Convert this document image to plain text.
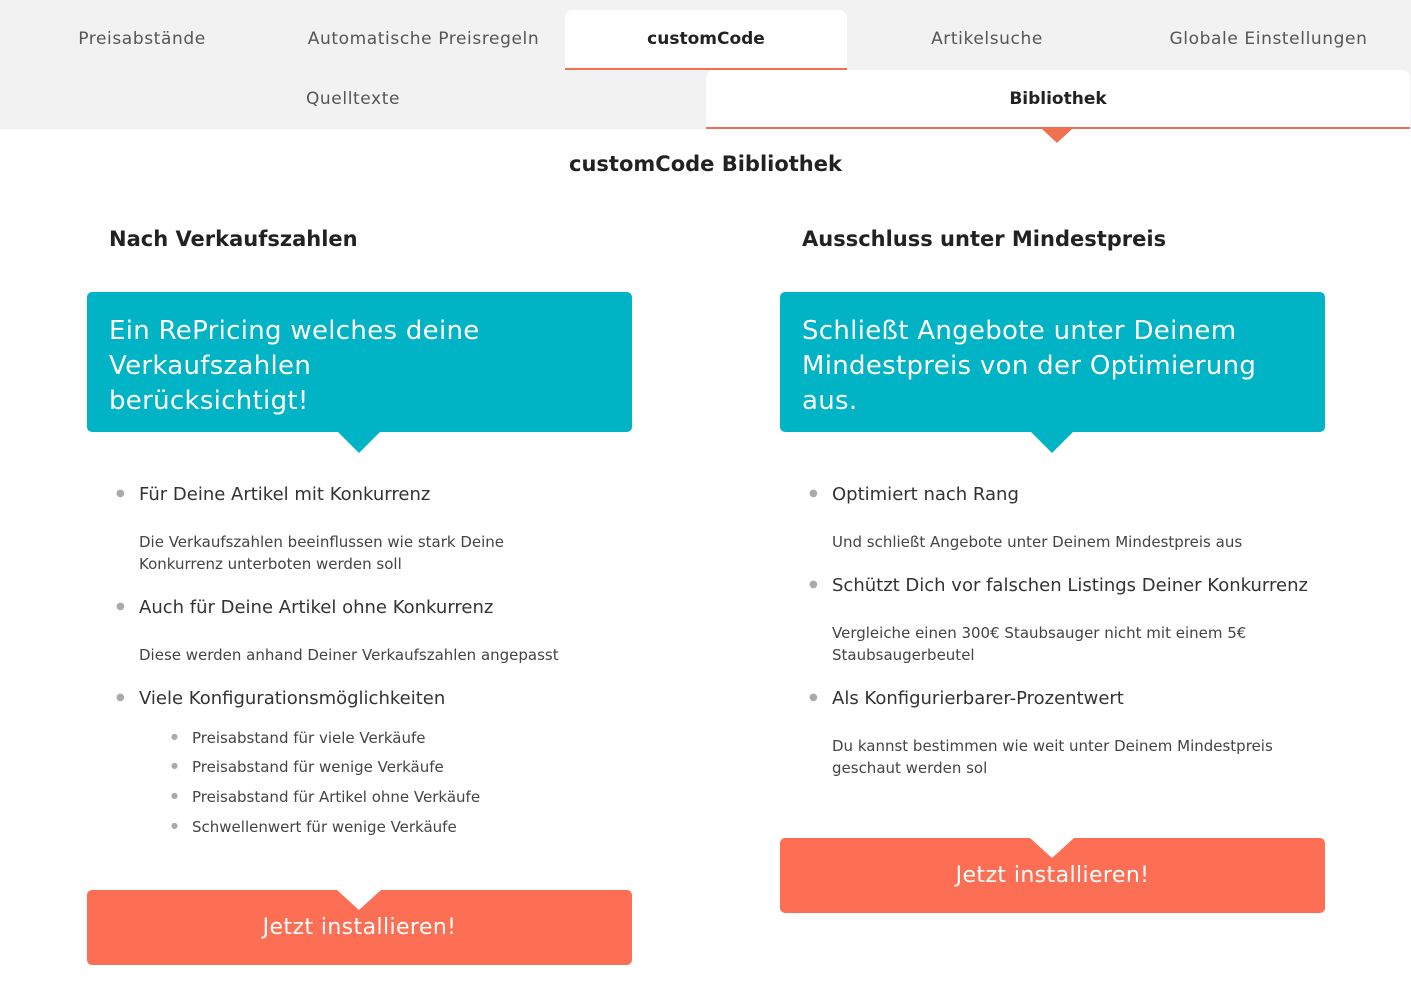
Preisabstände	Automatische Preisregeln	customCode	Artikelsuche	Globale Einstellungen
Quelltexte	Bibliothek
customCode Bibliothek
Nach Verkaufszahlen
Ein RePricing welches deine Verkaufszahlen berücksichtigt!
● Für Deine Artikel mit Konkurrenz
Die Verkaufszahlen beeinflussen wie stark Deine Konkurrenz unterboten werden soll
● Auch für Deine Artikel ohne Konkurrenz
Diese werden anhand Deiner Verkaufszahlen angepasst
● Viele Konfigurationsmöglichkeiten
● Preisabstand für viele Verkäufe
● Preisabstand für wenige Verkäufe
● Preisabstand für Artikel ohne Verkäufe
● Schwellenwert für wenige Verkäufe
Jetzt installieren!
Ausschluss unter Mindestpreis
Schließt Angebote unter Deinem Mindestpreis von der Optimierung aus.
● Optimiert nach Rang
Und schließt Angebote unter Deinem Mindestpreis aus
● Schützt Dich vor falschen Listings Deiner Konkurrenz
Vergleiche einen 300€ Staubsauger nicht mit einem 5€ Staubsaugerbeutel
● Als Konfigurierbarer-Prozentwert
Du kannst bestimmen wie weit unter Deinem Mindestpreis geschaut werden sol
Jetzt installieren!
